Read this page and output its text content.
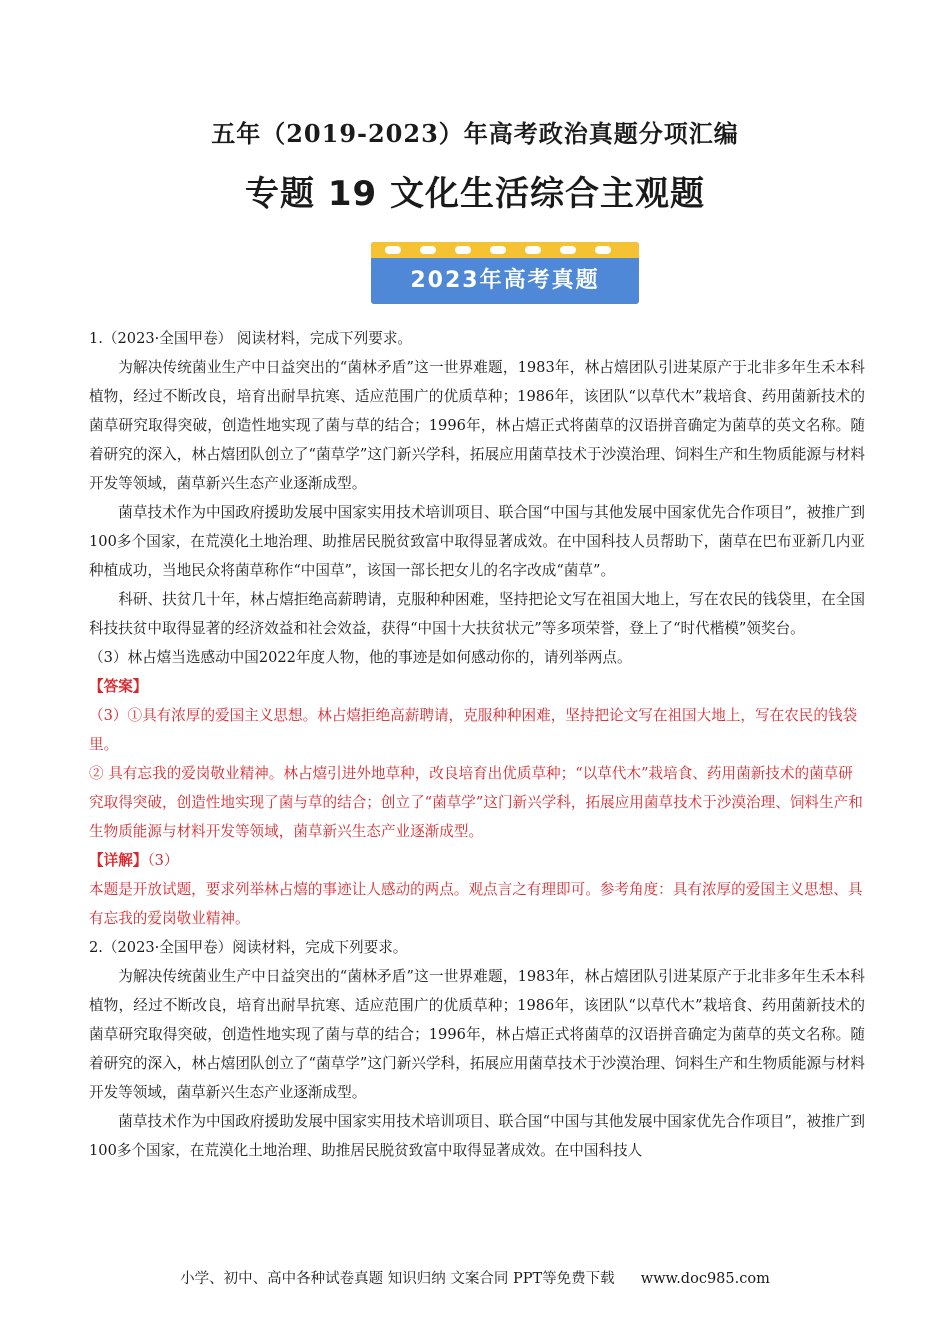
五年（2019-2023）年高考政治真题分项汇编
专题 19 文化生活综合主观题
2023年高考真题

1.（2023·全国甲卷） 阅读材料，完成下列要求。

为解决传统菌业生产中日益突出的“菌林矛盾”这一世界难题，1983年，林占熺团队引进某原产于北非多年生禾本科植物，经过不断改良，培育出耐旱抗寒、适应范围广的优质草种；1986年，该团队“以草代木”栽培食、药用菌新技术的菌草研究取得突破，创造性地实现了菌与草的结合；1996年，林占熺正式将菌草的汉语拼音确定为菌草的英文名称。随着研究的深入，林占熺团队创立了“菌草学”这门新兴学科，拓展应用菌草技术于沙漠治理、饲料生产和生物质能源与材料开发等领域，菌草新兴生态产业逐渐成型。

菌草技术作为中国政府援助发展中国家实用技术培训项目、联合国“中国与其他发展中国家优先合作项目”，被推广到100多个国家，在荒漠化土地治理、助推居民脱贫致富中取得显著成效。在中国科技人员帮助下，菌草在巴布亚新几内亚种植成功，当地民众将菌草称作“中国草”，该国一部长把女儿的名字改成“菌草”。

科研、扶贫几十年，林占熺拒绝高薪聘请，克服种种困难，坚持把论文写在祖国大地上，写在农民的钱袋里，在全国科技扶贫中取得显著的经济效益和社会效益，获得“中国十大扶贫状元”等多项荣誉，登上了“时代楷模”领奖台。

（3）林占熺当选感动中国2022年度人物，他的事迹是如何感动你的，请列举两点。

【答案】

（3）①具有浓厚的爱国主义思想。林占熺拒绝高薪聘请，克服种种困难，坚持把论文写在祖国大地上，写在农民的钱袋里。

② 具有忘我的爱岗敬业精神。林占熺引进外地草种，改良培育出优质草种；“以草代木”栽培食、药用菌新技术的菌草研究取得突破，创造性地实现了菌与草的结合；创立了“菌草学”这门新兴学科，拓展应用菌草技术于沙漠治理、饲料生产和生物质能源与材料开发等领域，菌草新兴生态产业逐渐成型。

【详解】（3）

本题是开放试题，要求列举林占熺的事迹让人感动的两点。观点言之有理即可。参考角度：具有浓厚的爱国主义思想、具有忘我的爱岗敬业精神。

2.（2023·全国甲卷）阅读材料，完成下列要求。

为解决传统菌业生产中日益突出的“菌林矛盾”这一世界难题，1983年，林占熺团队引进某原产于北非多年生禾本科植物，经过不断改良，培育出耐旱抗寒、适应范围广的优质草种；1986年，该团队“以草代木”栽培食、药用菌新技术的菌草研究取得突破，创造性地实现了菌与草的结合；1996年，林占熺正式将菌草的汉语拼音确定为菌草的英文名称。随着研究的深入，林占熺团队创立了“菌草学”这门新兴学科，拓展应用菌草技术于沙漠治理、饲料生产和生物质能源与材料开发等领域，菌草新兴生态产业逐渐成型。

菌草技术作为中国政府援助发展中国家实用技术培训项目、联合国“中国与其他发展中国家优先合作项目”，被推广到100多个国家，在荒漠化土地治理、助推居民脱贫致富中取得显著成效。在中国科技人

小学、初中、高中各种试卷真题 知识归纳 文案合同 PPT等免费下载 www.doc985.com
